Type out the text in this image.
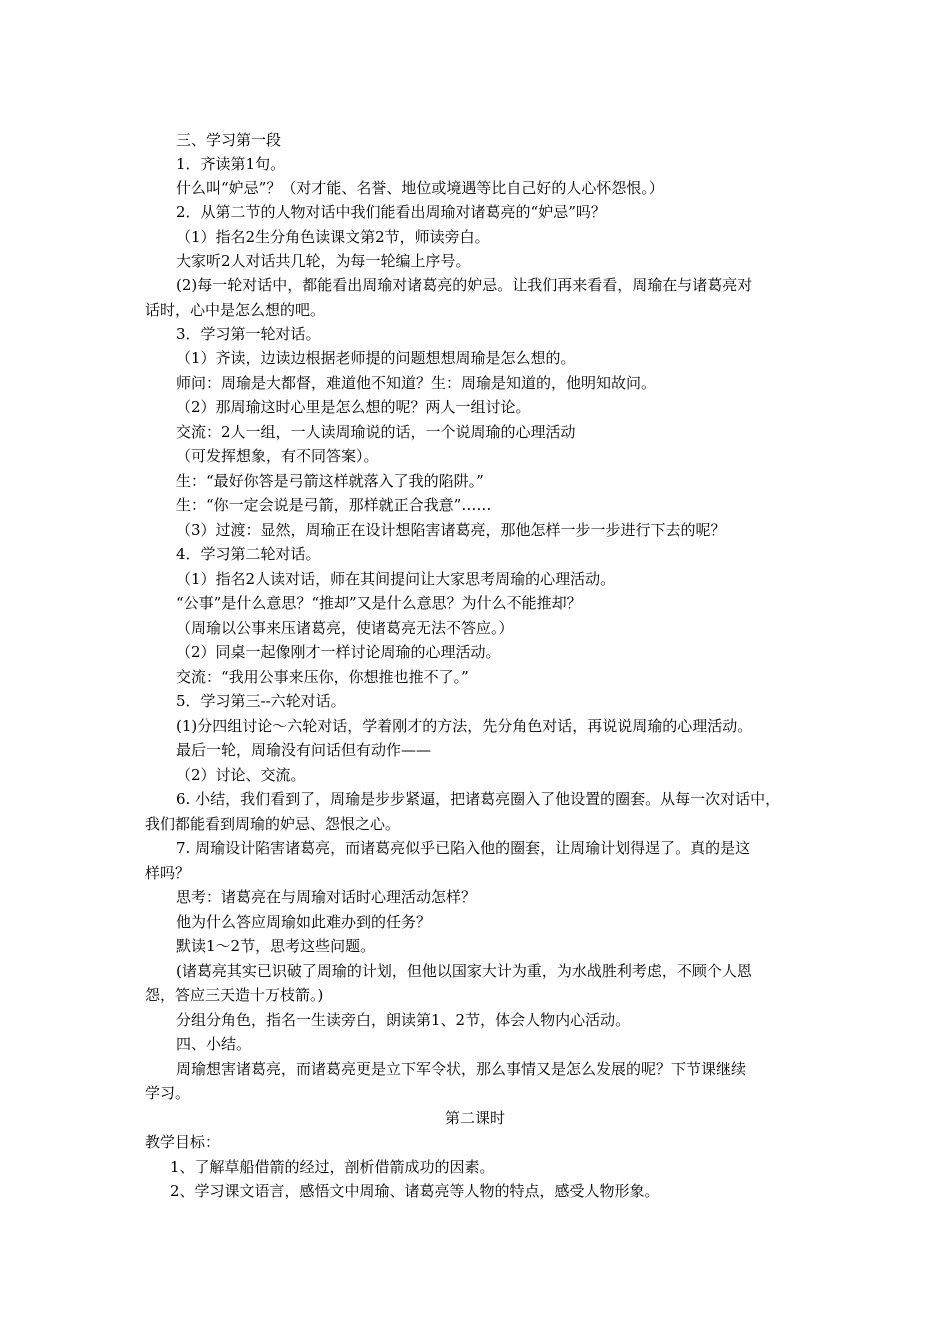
三、学习第一段
1．齐读第1句。
什么叫“妒忌”？（对才能、名誉、地位或境遇等比自己好的人心怀怨恨。）
2．从第二节的人物对话中我们能看出周瑜对诸葛亮的“妒忌”吗？
（1）指名2生分角色读课文第2节，师读旁白。
大家听2人对话共几轮，为每一轮编上序号。
(2)每一轮对话中，都能看出周瑜对诸葛亮的妒忌。让我们再来看看，周瑜在与诸葛亮对
话时，心中是怎么想的吧。
3．学习第一轮对话。
（1）齐读，边读边根据老师提的问题想想周瑜是怎么想的。
师问：周瑜是大都督，难道他不知道？生：周瑜是知道的，他明知故问。
（2）那周瑜这时心里是怎么想的呢？两人一组讨论。
交流：2人一组，一人读周瑜说的话，一个说周瑜的心理活动
（可发挥想象，有不同答案）。
生：“最好你答是弓箭这样就落入了我的陷阱。”
生：“你一定会说是弓箭，那样就正合我意”……
（3）过渡：显然，周瑜正在设计想陷害诸葛亮，那他怎样一步一步进行下去的呢？
4．学习第二轮对话。
（1）指名2人读对话，师在其间提问让大家思考周瑜的心理活动。
“公事”是什么意思？“推却”又是什么意思？为什么不能推却？
（周瑜以公事来压诸葛亮，使诸葛亮无法不答应。）
（2）同桌一起像刚才一样讨论周瑜的心理活动。
交流：“我用公事来压你，你想推也推不了。”
5．学习第三--六轮对话。
(1)分四组讨论～六轮对话，学着刚才的方法，先分角色对话，再说说周瑜的心理活动。
最后一轮，周瑜没有问话但有动作——
（2）讨论、交流。
6. 小结，我们看到了，周瑜是步步紧逼，把诸葛亮圈入了他设置的圈套。从每一次对话中，
我们都能看到周瑜的妒忌、怨恨之心。
7. 周瑜设计陷害诸葛亮，而诸葛亮似乎已陷入他的圈套，让周瑜计划得逞了。真的是这
样吗？
思考：诸葛亮在与周瑜对话时心理活动怎样？
他为什么答应周瑜如此难办到的任务？
默读1～2节，思考这些问题。
(诸葛亮其实已识破了周瑜的计划，但他以国家大计为重，为水战胜利考虑，不顾个人恩
怨，答应三天造十万枝箭。)
分组分角色，指名一生读旁白，朗读第1、2节，体会人物内心活动。
四、小结。
周瑜想害诸葛亮，而诸葛亮更是立下军令状，那么事情又是怎么发展的呢？下节课继续
学习。
第二课时
教学目标：
1、了解草船借箭的经过，剖析借箭成功的因素。
2、学习课文语言，感悟文中周瑜、诸葛亮等人物的特点，感受人物形象。
